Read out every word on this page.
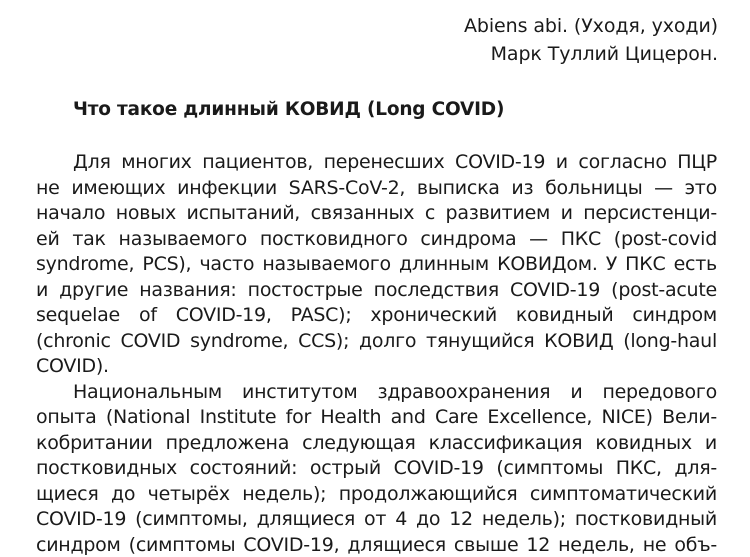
Abiens abi. (Уходя, уходи)
Марк Туллий Цицерон.
Что такое длинный КОВИД (Long COVID)

Для многих пациентов, перенесших COVID-19 и согласно ПЦР
не имеющих инфекции SARS-CoV-2, выписка из больницы — это
начало новых испытаний, связанных с развитием и персистенци-
ей так называемого постковидного синдрома — ПКС (post-covid
syndrome, PCS), часто называемого длинным КОВИДом. У ПКС есть
и другие названия: постострые последствия COVID-19 (post-acute
sequelae of COVID-19, PASC); хронический ковидный синдром
(chronic COVID syndrome, CCS); долго тянущийся КОВИД (long-haul
COVID).

Национальным институтом здравоохранения и передового
опыта (National Institute for Health and Care Excellence, NICE) Вели-
кобритании предложена следующая классификация ковидных и
постковидных состояний: острый COVID-19 (симптомы ПКС, для-
щиеся до четырёх недель); продолжающийся симптоматический
COVID-19 (симптомы, длящиеся от 4 до 12 недель); постковидный
синдром (симптомы COVID-19, длящиеся свыше 12 недель, не объ-
